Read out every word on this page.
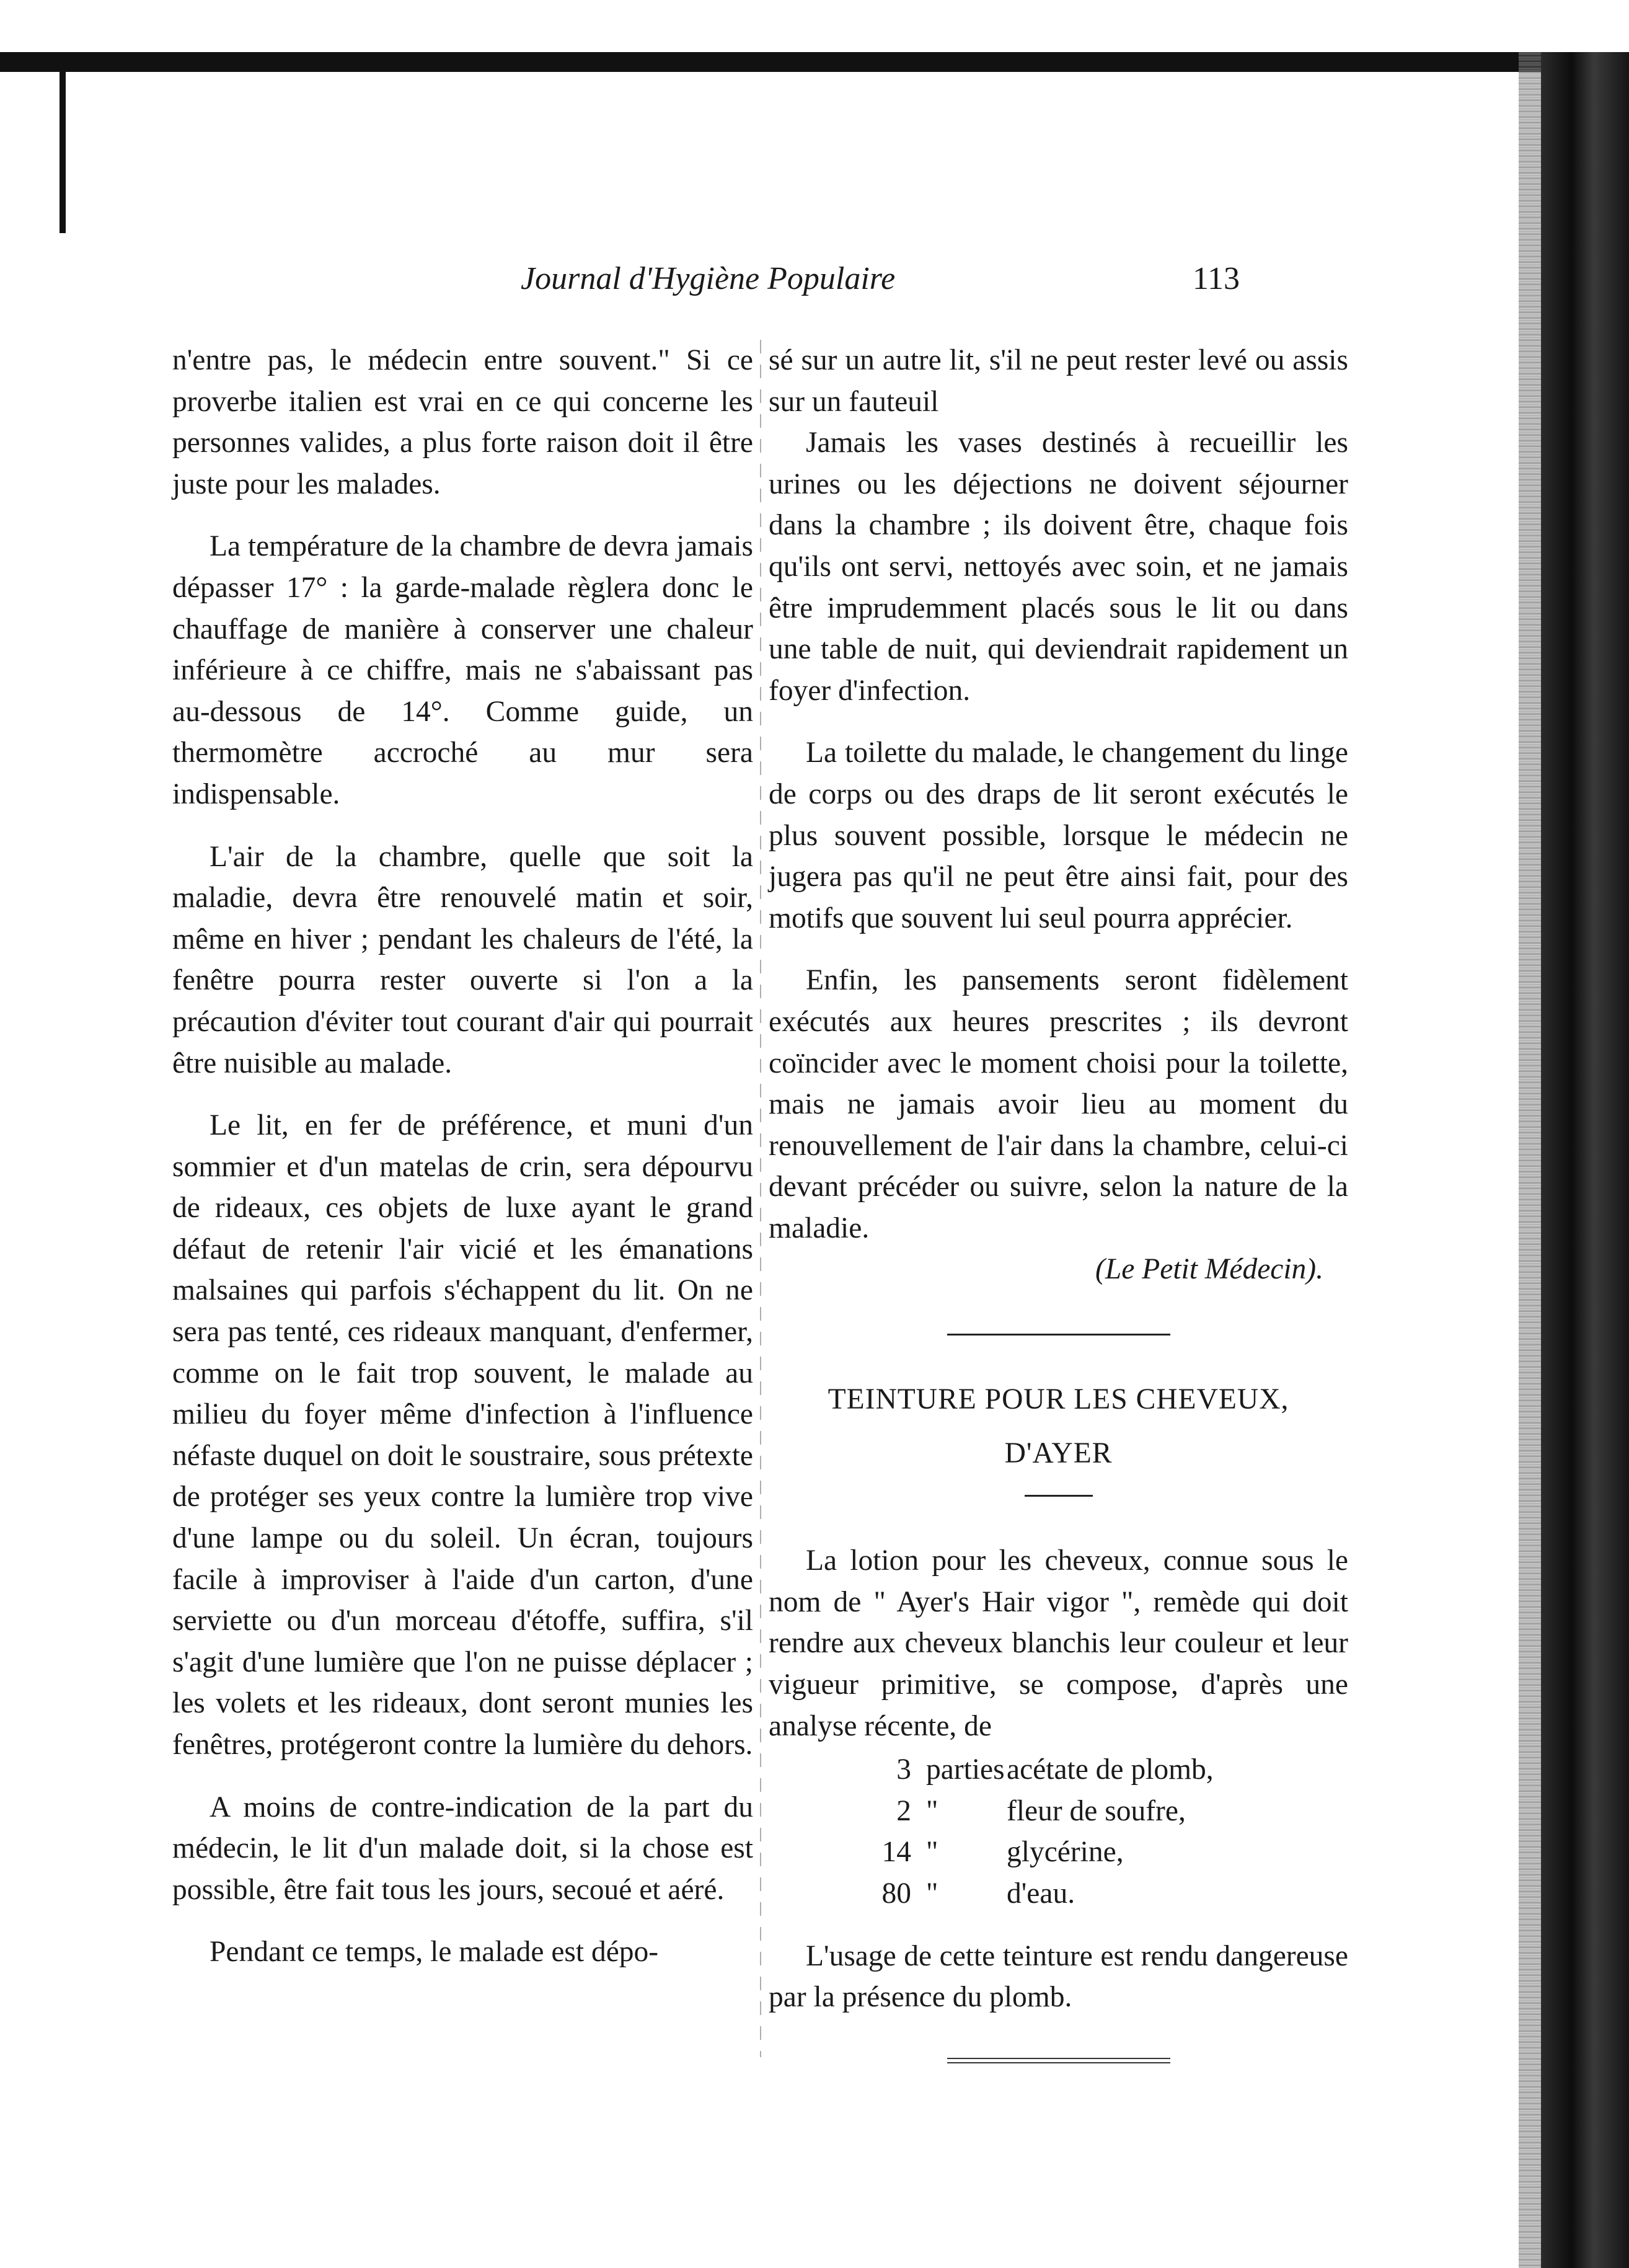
Journal d'Hygiène Populaire	113

n'entre pas, le médecin entre souvent." Si ce proverbe italien est vrai en ce qui concerne les personnes valides, a plus forte raison doit il être juste pour les malades.

La température de la chambre de devra jamais dépasser 17° : la garde-malade règlera donc le chauffage de manière à conserver une chaleur inférieure à ce chiffre, mais ne s'abaissant pas au-dessous de 14°. Comme guide, un thermomètre accroché au mur sera indispensable.

L'air de la chambre, quelle que soit la maladie, devra être renouvelé matin et soir, même en hiver ; pendant les chaleurs de l'été, la fenêtre pourra rester ouverte si l'on a la précaution d'éviter tout courant d'air qui pourrait être nuisible au malade.

Le lit, en fer de préférence, et muni d'un sommier et d'un matelas de crin, sera dépourvu de rideaux, ces objets de luxe ayant le grand défaut de retenir l'air vicié et les émanations malsaines qui parfois s'échappent du lit. On ne sera pas tenté, ces rideaux manquant, d'enfermer, comme on le fait trop souvent, le malade au milieu du foyer même d'infection à l'influence néfaste duquel on doit le soustraire, sous prétexte de protéger ses yeux contre la lumière trop vive d'une lampe ou du soleil. Un écran, toujours facile à improviser à l'aide d'un carton, d'une serviette ou d'un morceau d'étoffe, suffira, s'il s'agit d'une lumière que l'on ne puisse déplacer ; les volets et les rideaux, dont seront munies les fenêtres, protégeront contre la lumière du dehors.

A moins de contre-indication de la part du médecin, le lit d'un malade doit, si la chose est possible, être fait tous les jours, secoué et aéré.

Pendant ce temps, le malade est dépo-

sé sur un autre lit, s'il ne peut rester levé ou assis sur un fauteuil

Jamais les vases destinés à recueillir les urines ou les déjections ne doivent séjourner dans la chambre ; ils doivent être, chaque fois qu'ils ont servi, nettoyés avec soin, et ne jamais être imprudemment placés sous le lit ou dans une table de nuit, qui deviendrait rapidement un foyer d'infection.

La toilette du malade, le changement du linge de corps ou des draps de lit seront exécutés le plus souvent possible, lorsque le médecin ne jugera pas qu'il ne peut être ainsi fait, pour des motifs que souvent lui seul pourra apprécier.

Enfin, les pansements seront fidèlement exécutés aux heures prescrites ; ils devront coïncider avec le moment choisi pour la toilette, mais ne jamais avoir lieu au moment du renouvellement de l'air dans la chambre, celui-ci devant précéder ou suivre, selon la nature de la maladie.

(Le Petit Médecin).

TEINTURE POUR LES CHEVEUX,

D'AYER

La lotion pour les cheveux, connue sous le nom de " Ayer's Hair vigor ", remède qui doit rendre aux cheveux blanchis leur couleur et leur vigueur primitive, se compose, d'après une analyse récente, de

3 parties acétate de plomb,
2 "	fleur de soufre,
14 "	glycérine,
80 "	d'eau.

L'usage de cette teinture est rendu dangereuse par la présence du plomb.
